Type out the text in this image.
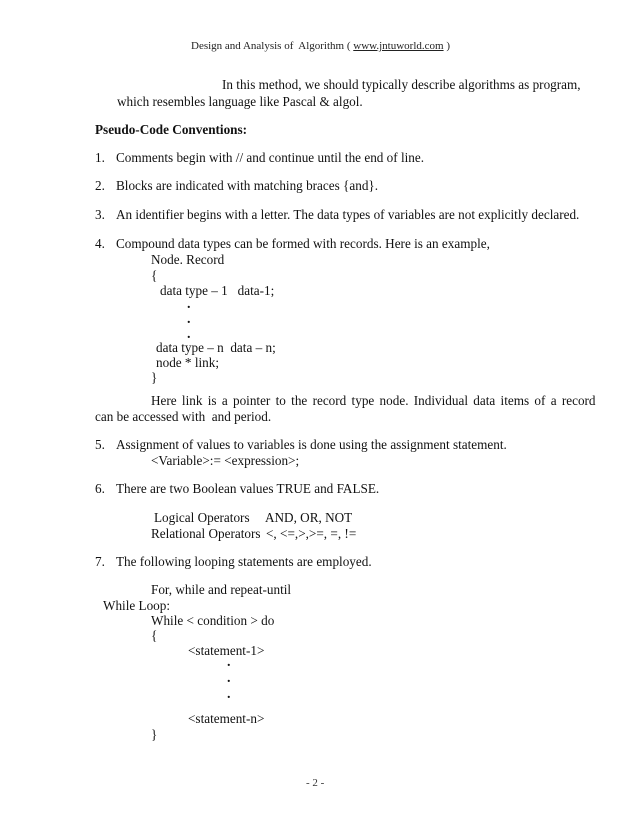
Design and Analysis of  Algorithm ( www.jntuworld.com )
In this method, we should typically describe algorithms as program,
which resembles language like Pascal & algol.
Pseudo-Code Conventions:
1. Comments begin with // and continue until the end of line.
2. Blocks are indicated with matching braces {and}.
3. An identifier begins with a letter. The data types of variables are not explicitly declared.
4. Compound data types can be formed with records. Here is an example,
Node. Record
{
data type – 1   data-1;
.
.
.
data type – n  data – n;
node * link;
}
Here link is a pointer to the record type node. Individual data items of a record
can be accessed with  and period.
5. Assignment of values to variables is done using the assignment statement.
<Variable>:= <expression>;
6. There are two Boolean values TRUE and FALSE.
Logical Operators AND, OR, NOT
Relational Operators <, <=,>,>=, =, !=
7. The following looping statements are employed.
For, while and repeat-until
While Loop:
While < condition > do
{
<statement-1>
.
.
.
<statement-n>
}
- 2 -
